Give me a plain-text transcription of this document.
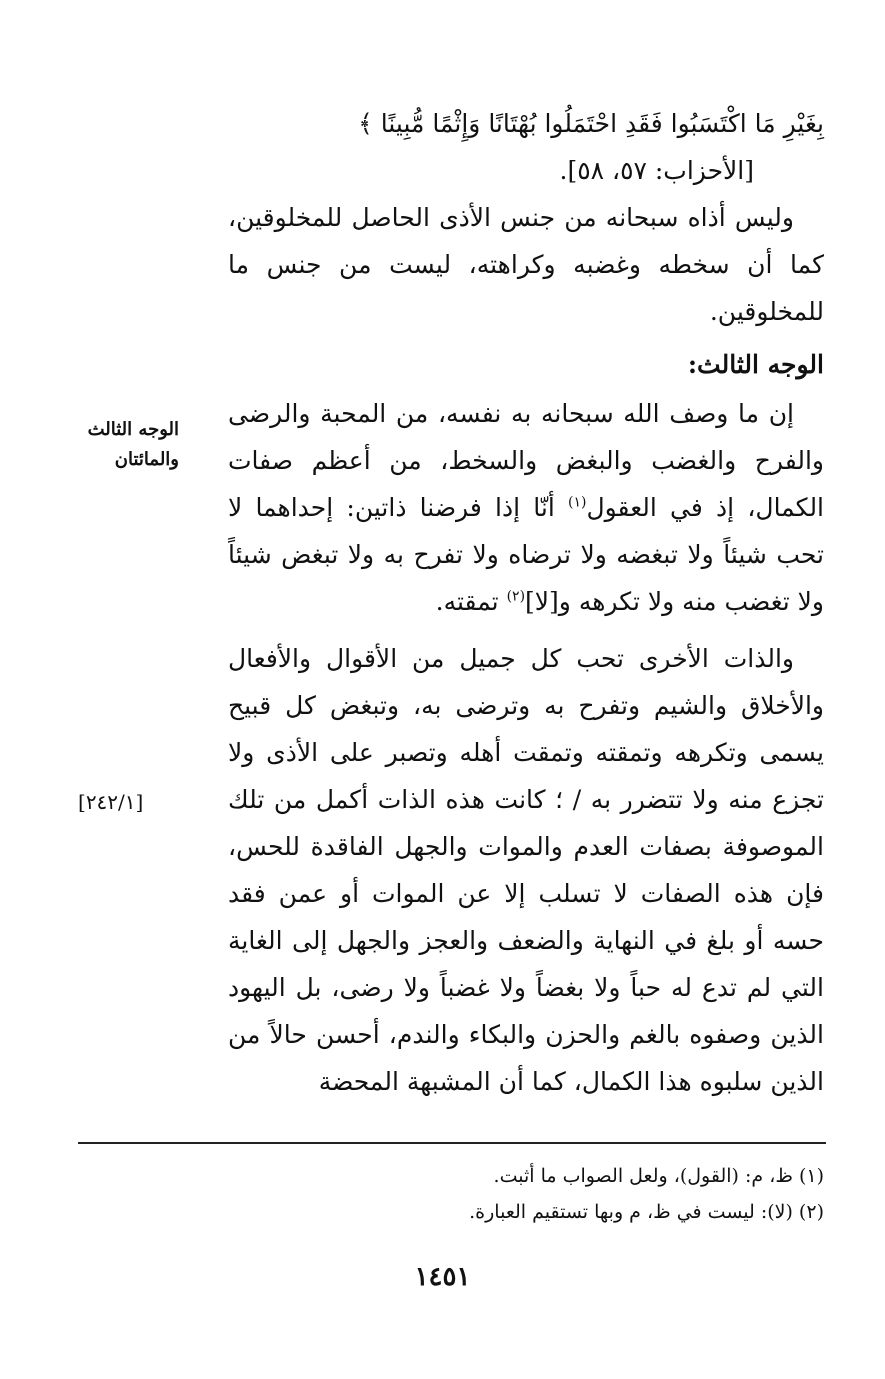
بِغَيْرِ مَا اكْتَسَبُوا فَقَدِ احْتَمَلُوا بُهْتَانًا وَإِثْمًا مُّبِينًا ﴾

[الأحزاب: ٥٧، ٥٨].

وليس أذاه سبحانه من جنس الأذى الحاصل للمخلوقين، كما أن سخطه وغضبه وكراهته، ليست من جنس ما للمخلوقين.

الوجه الثالث:

إن ما وصف الله سبحانه به نفسه، من المحبة والرضى والفرح والغضب والبغض والسخط، من أعظم صفات الكمال، إذ في العقول$^{(١)}$ أنّا إذا فرضنا ذاتين: إحداهما لا تحب شيئاً ولا تبغضه ولا ترضاه ولا تفرح به ولا تبغض شيئاً ولا تغضب منه ولا تكرهه و[لا]$^{(٢)}$ تمقته.

والذات الأخرى تحب كل جميل من الأقوال والأفعال والأخلاق والشيم وتفرح به وترضى به، وتبغض كل قبيح يسمى وتكرهه وتمقته وتمقت أهله وتصبر على الأذى ولا تجزع منه ولا تتضرر به / ؛ كانت هذه الذات أكمل من تلك الموصوفة بصفات العدم والموات والجهل الفاقدة للحس، فإن هذه الصفات لا تسلب إلا عن الموات أو عمن فقد حسه أو بلغ في النهاية والضعف والعجز والجهل إلى الغاية التي لم تدع له حباً ولا بغضاً ولا غضباً ولا رضى، بل اليهود الذين وصفوه بالغم والحزن والبكاء والندم، أحسن حالاً من الذين سلبوه هذا الكمال، كما أن المشبهة المحضة

الوجه الثالث
والمائتان
[٢٤٢/١]

(١) ظ، م: (القول)، ولعل الصواب ما أثبت.

(٢) (لا): ليست في ظ، م وبها تستقيم العبارة.

١٤٥١
